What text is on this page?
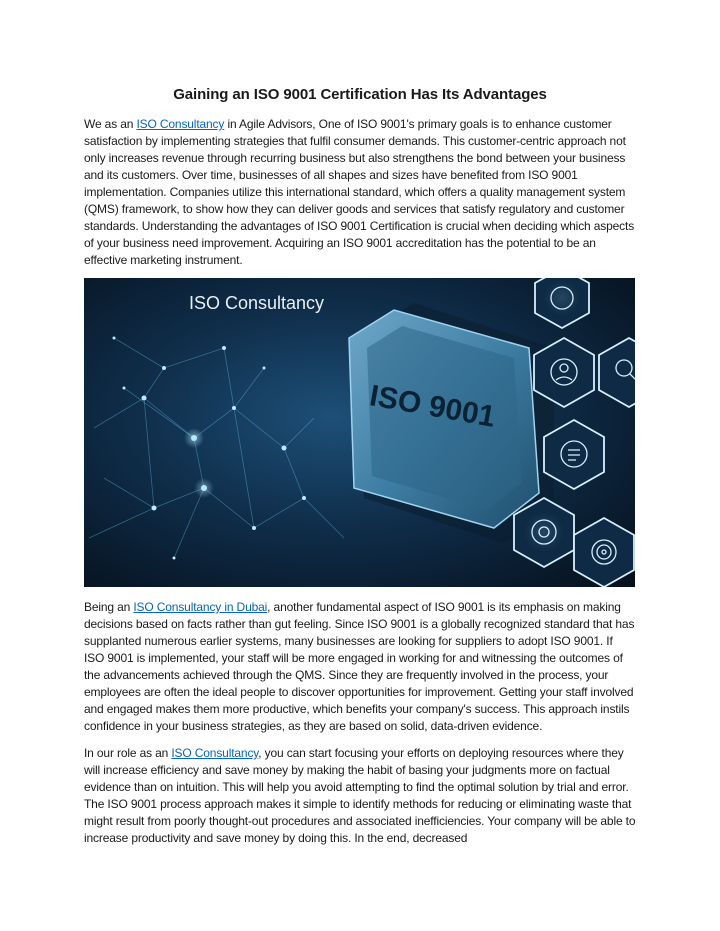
Gaining an ISO 9001 Certification Has Its Advantages

We as an ISO Consultancy in Agile Advisors, One of ISO 9001's primary goals is to enhance customer satisfaction by implementing strategies that fulfil consumer demands. This customer-centric approach not only increases revenue through recurring business but also strengthens the bond between your business and its customers. Over time, businesses of all shapes and sizes have benefited from ISO 9001 implementation. Companies utilize this international standard, which offers a quality management system (QMS) framework, to show how they can deliver goods and services that satisfy regulatory and customer standards. Understanding the advantages of ISO 9001 Certification is crucial when deciding which aspects of your business need improvement. Acquiring an ISO 9001 accreditation has the potential to be an effective marketing instrument.

ISO Consultancy
ISO 9001

Being an ISO Consultancy in Dubai, another fundamental aspect of ISO 9001 is its emphasis on making decisions based on facts rather than gut feeling. Since ISO 9001 is a globally recognized standard that has supplanted numerous earlier systems, many businesses are looking for suppliers to adopt ISO 9001. If ISO 9001 is implemented, your staff will be more engaged in working for and witnessing the outcomes of the advancements achieved through the QMS. Since they are frequently involved in the process, your employees are often the ideal people to discover opportunities for improvement. Getting your staff involved and engaged makes them more productive, which benefits your company's success. This approach instils confidence in your business strategies, as they are based on solid, data-driven evidence.

In our role as an ISO Consultancy, you can start focusing your efforts on deploying resources where they will increase efficiency and save money by making the habit of basing your judgments more on factual evidence than on intuition. This will help you avoid attempting to find the optimal solution by trial and error. The ISO 9001 process approach makes it simple to identify methods for reducing or eliminating waste that might result from poorly thought-out procedures and associated inefficiencies. Your company will be able to increase productivity and save money by doing this. In the end, decreased
